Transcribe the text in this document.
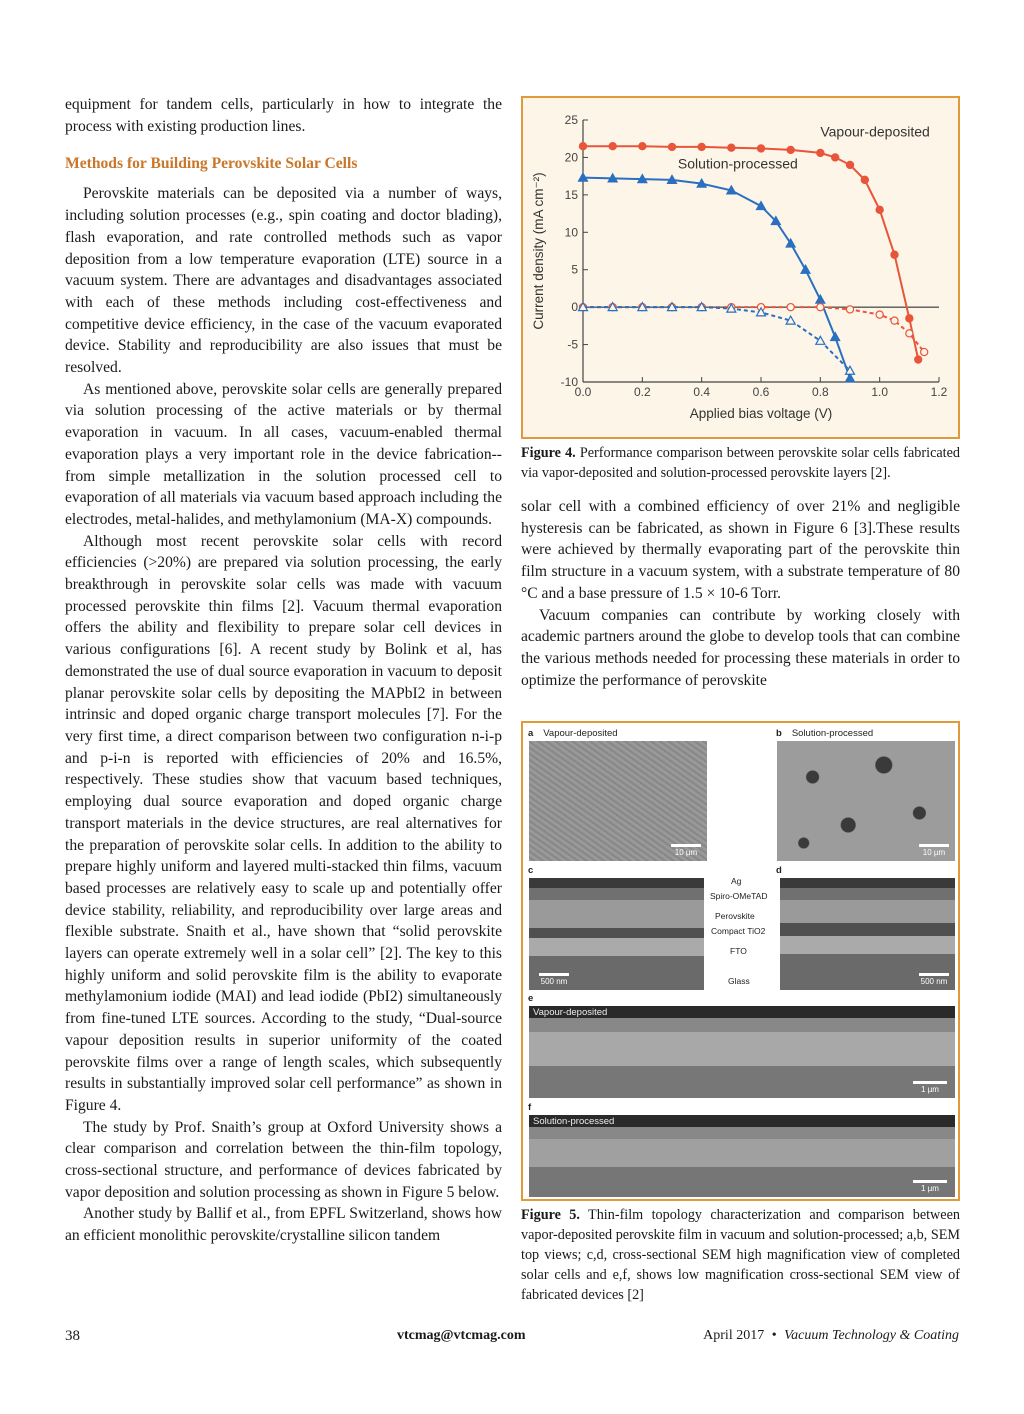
equipment for tandem cells, particularly in how to integrate the process with existing production lines.

Methods for Building Perovskite Solar Cells

Perovskite materials can be deposited via a number of ways, including solution processes (e.g., spin coating and doctor blading), flash evaporation, and rate controlled methods such as vapor deposition from a low temperature evaporation (LTE) source in a vacuum system. There are advantages and disadvantages associated with each of these methods including cost-effectiveness and competitive device efficiency, in the case of the vacuum evaporated device. Stability and reproducibility are also issues that must be resolved.

As mentioned above, perovskite solar cells are generally prepared via solution processing of the active materials or by thermal evaporation in vacuum. In all cases, vacuum-enabled thermal evaporation plays a very important role in the device fabrication--from simple metallization in the solution processed cell to evaporation of all materials via vacuum based approach including the electrodes, metal-halides, and methylamonium (MA-X) compounds.

Although most recent perovskite solar cells with record efficiencies (>20%) are prepared via solution processing, the early breakthrough in perovskite solar cells was made with vacuum processed perovskite thin films [2]. Vacuum thermal evaporation offers the ability and flexibility to prepare solar cell devices in various configurations [6]. A recent study by Bolink et al, has demonstrated the use of dual source evaporation in vacuum to deposit planar perovskite solar cells by depositing the MAPbI2 in between intrinsic and doped organic charge transport molecules [7]. For the very first time, a direct comparison between two configuration n-i-p and p-i-n is reported with efficiencies of 20% and 16.5%, respectively. These studies show that vacuum based techniques, employing dual source evaporation and doped organic charge transport materials in the device structures, are real alternatives for the preparation of perovskite solar cells. In addition to the ability to prepare highly uniform and layered multi-stacked thin films, vacuum based processes are relatively easy to scale up and potentially offer device stability, reliability, and reproducibility over large areas and flexible substrate. Snaith et al., have shown that “solid perovskite layers can operate extremely well in a solar cell” [2]. The key to this highly uniform and solid perovskite film is the ability to evaporate methylamonium iodide (MAI) and lead iodide (PbI2) simultaneously from fine-tuned LTE sources. According to the study, “Dual-source vapour deposition results in superior uniformity of the coated perovskite films over a range of length scales, which subsequently results in substantially improved solar cell performance” as shown in Figure 4.

The study by Prof. Snaith’s group at Oxford University shows a clear comparison and correlation between the thin-film topology, cross-sectional structure, and performance of devices fabricated by vapor deposition and solution processing as shown in Figure 5 below.

Another study by Ballif et al., from EPFL Switzerland, shows how an efficient monolithic perovskite/crystalline silicon tandem

-10
-5
0
5
10
15
20
25
0.0	0.2	0.4	0.6	0.8	1.0	1.2
Applied bias voltage (V)
Current density (mA cm⁻²)
Vapour-deposited
Solution-processed
Figure 4. Performance comparison between perovskite solar cells fabricated via vapor-deposited and solution-processed perovskite layers [2].

solar cell with a combined efficiency of over 21% and negligible hysteresis can be fabricated, as shown in Figure 6 [3].These results were achieved by thermally evaporating part of the perovskite thin film structure in a vacuum system, with a substrate temperature of 80 °C and a base pressure of 1.5 × 10-6 Torr.

Vacuum companies can contribute by working closely with academic partners around the globe to develop tools that can combine the various methods needed for processing these materials in order to optimize the performance of perovskite

a Vapour-deposited
10 µm
b Solution-processed
10 µm
c
500 nm
Ag
Spiro-OMeTAD
Perovskite
Compact TiO2
FTO
Glass
d
500 nm
e
Vapour-deposited
1 µm
f
Solution-processed
1 µm
Figure 5. Thin-film topology characterization and comparison between vapor-deposited perovskite film in vacuum and solution-processed; a,b, SEM top views; c,d, cross-sectional SEM high magnification view of completed solar cells and e,f, shows low magnification cross-sectional SEM view of fabricated devices [2]
38	vtcmag@vtcmag.com	April 2017 • Vacuum Technology & Coating
